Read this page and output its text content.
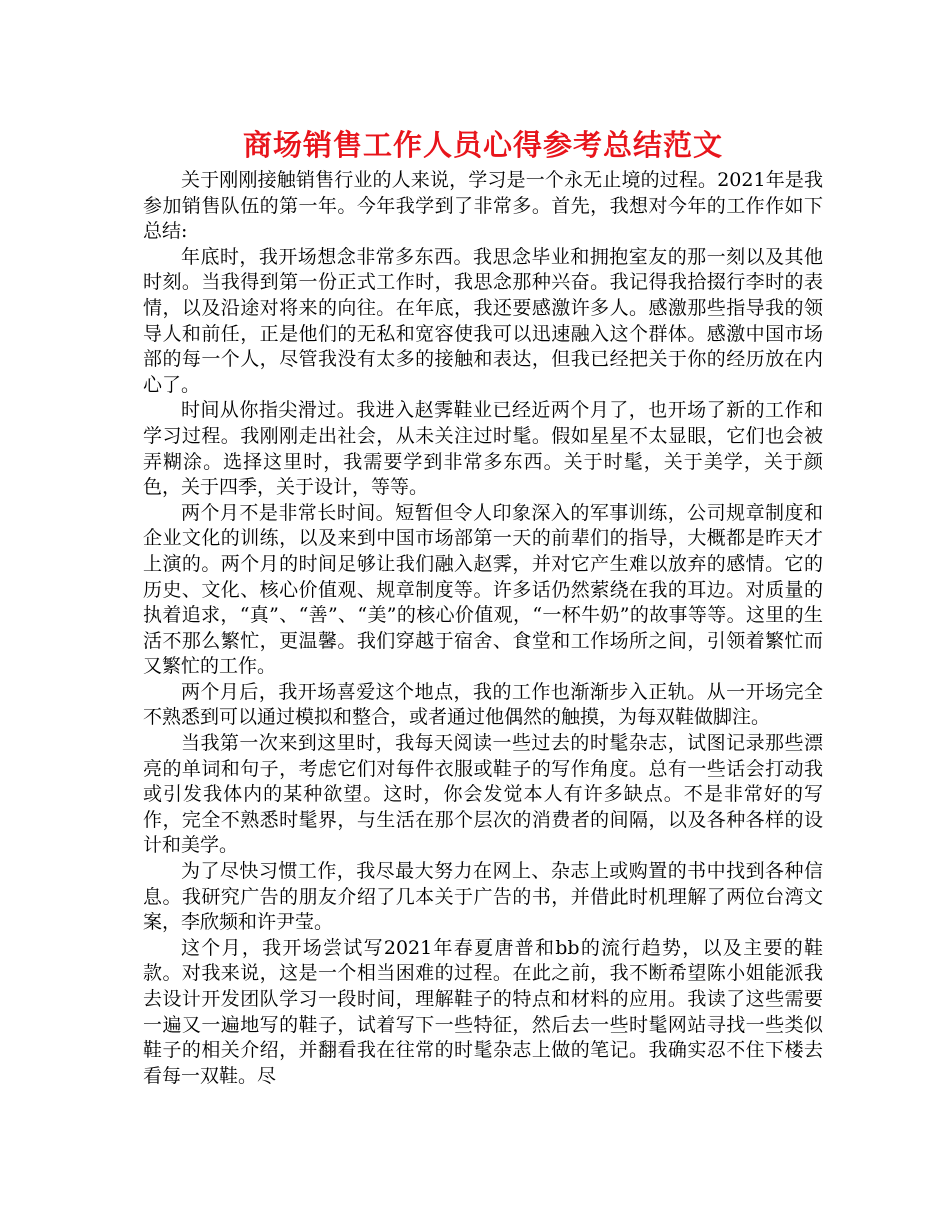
商场销售工作人员心得参考总结范文

关于刚刚接触销售行业的人来说，学习是一个永无止境的过程。2021年是我参加销售队伍的第一年。今年我学到了非常多。首先，我想对今年的工作作如下总结:

年底时，我开场想念非常多东西。我思念毕业和拥抱室友的那一刻以及其他时刻。当我得到第一份正式工作时，我思念那种兴奋。我记得我拾掇行李时的表情，以及沿途对将来的向往。在年底，我还要感激许多人。感激那些指导我的领导人和前任，正是他们的无私和宽容使我可以迅速融入这个群体。感激中国市场部的每一个人，尽管我没有太多的接触和表达，但我已经把关于你的经历放在内心了。

时间从你指尖滑过。我进入赵霁鞋业已经近两个月了，也开场了新的工作和学习过程。我刚刚走出社会，从未关注过时髦。假如星星不太显眼，它们也会被弄糊涂。选择这里时，我需要学到非常多东西。关于时髦，关于美学，关于颜色，关于四季，关于设计，等等。

两个月不是非常长时间。短暂但令人印象深入的军事训练，公司规章制度和企业文化的训练，以及来到中国市场部第一天的前辈们的指导，大概都是昨天才上演的。两个月的时间足够让我们融入赵霁，并对它产生难以放弃的感情。它的历史、文化、核心价值观、规章制度等。许多话仍然萦绕在我的耳边。对质量的执着追求，“真”、“善”、“美”的核心价值观，“一杯牛奶”的故事等等。这里的生活不那么繁忙，更温馨。我们穿越于宿舍、食堂和工作场所之间，引领着繁忙而又繁忙的工作。

两个月后，我开场喜爱这个地点，我的工作也渐渐步入正轨。从一开场完全不熟悉到可以通过模拟和整合，或者通过他偶然的触摸，为每双鞋做脚注。

当我第一次来到这里时，我每天阅读一些过去的时髦杂志，试图记录那些漂亮的单词和句子，考虑它们对每件衣服或鞋子的写作角度。总有一些话会打动我或引发我体内的某种欲望。这时，你会发觉本人有许多缺点。不是非常好的写作，完全不熟悉时髦界，与生活在那个层次的消费者的间隔，以及各种各样的设计和美学。

为了尽快习惯工作，我尽最大努力在网上、杂志上或购置的书中找到各种信息。我研究广告的朋友介绍了几本关于广告的书，并借此时机理解了两位台湾文案，李欣频和许尹莹。

这个月，我开场尝试写2021年春夏唐普和bb的流行趋势，以及主要的鞋款。对我来说，这是一个相当困难的过程。在此之前，我不断希望陈小姐能派我去设计开发团队学习一段时间，理解鞋子的特点和材料的应用。我读了这些需要一遍又一遍地写的鞋子，试着写下一些特征，然后去一些时髦网站寻找一些类似鞋子的相关介绍，并翻看我在往常的时髦杂志上做的笔记。我确实忍不住下楼去看每一双鞋。尽
